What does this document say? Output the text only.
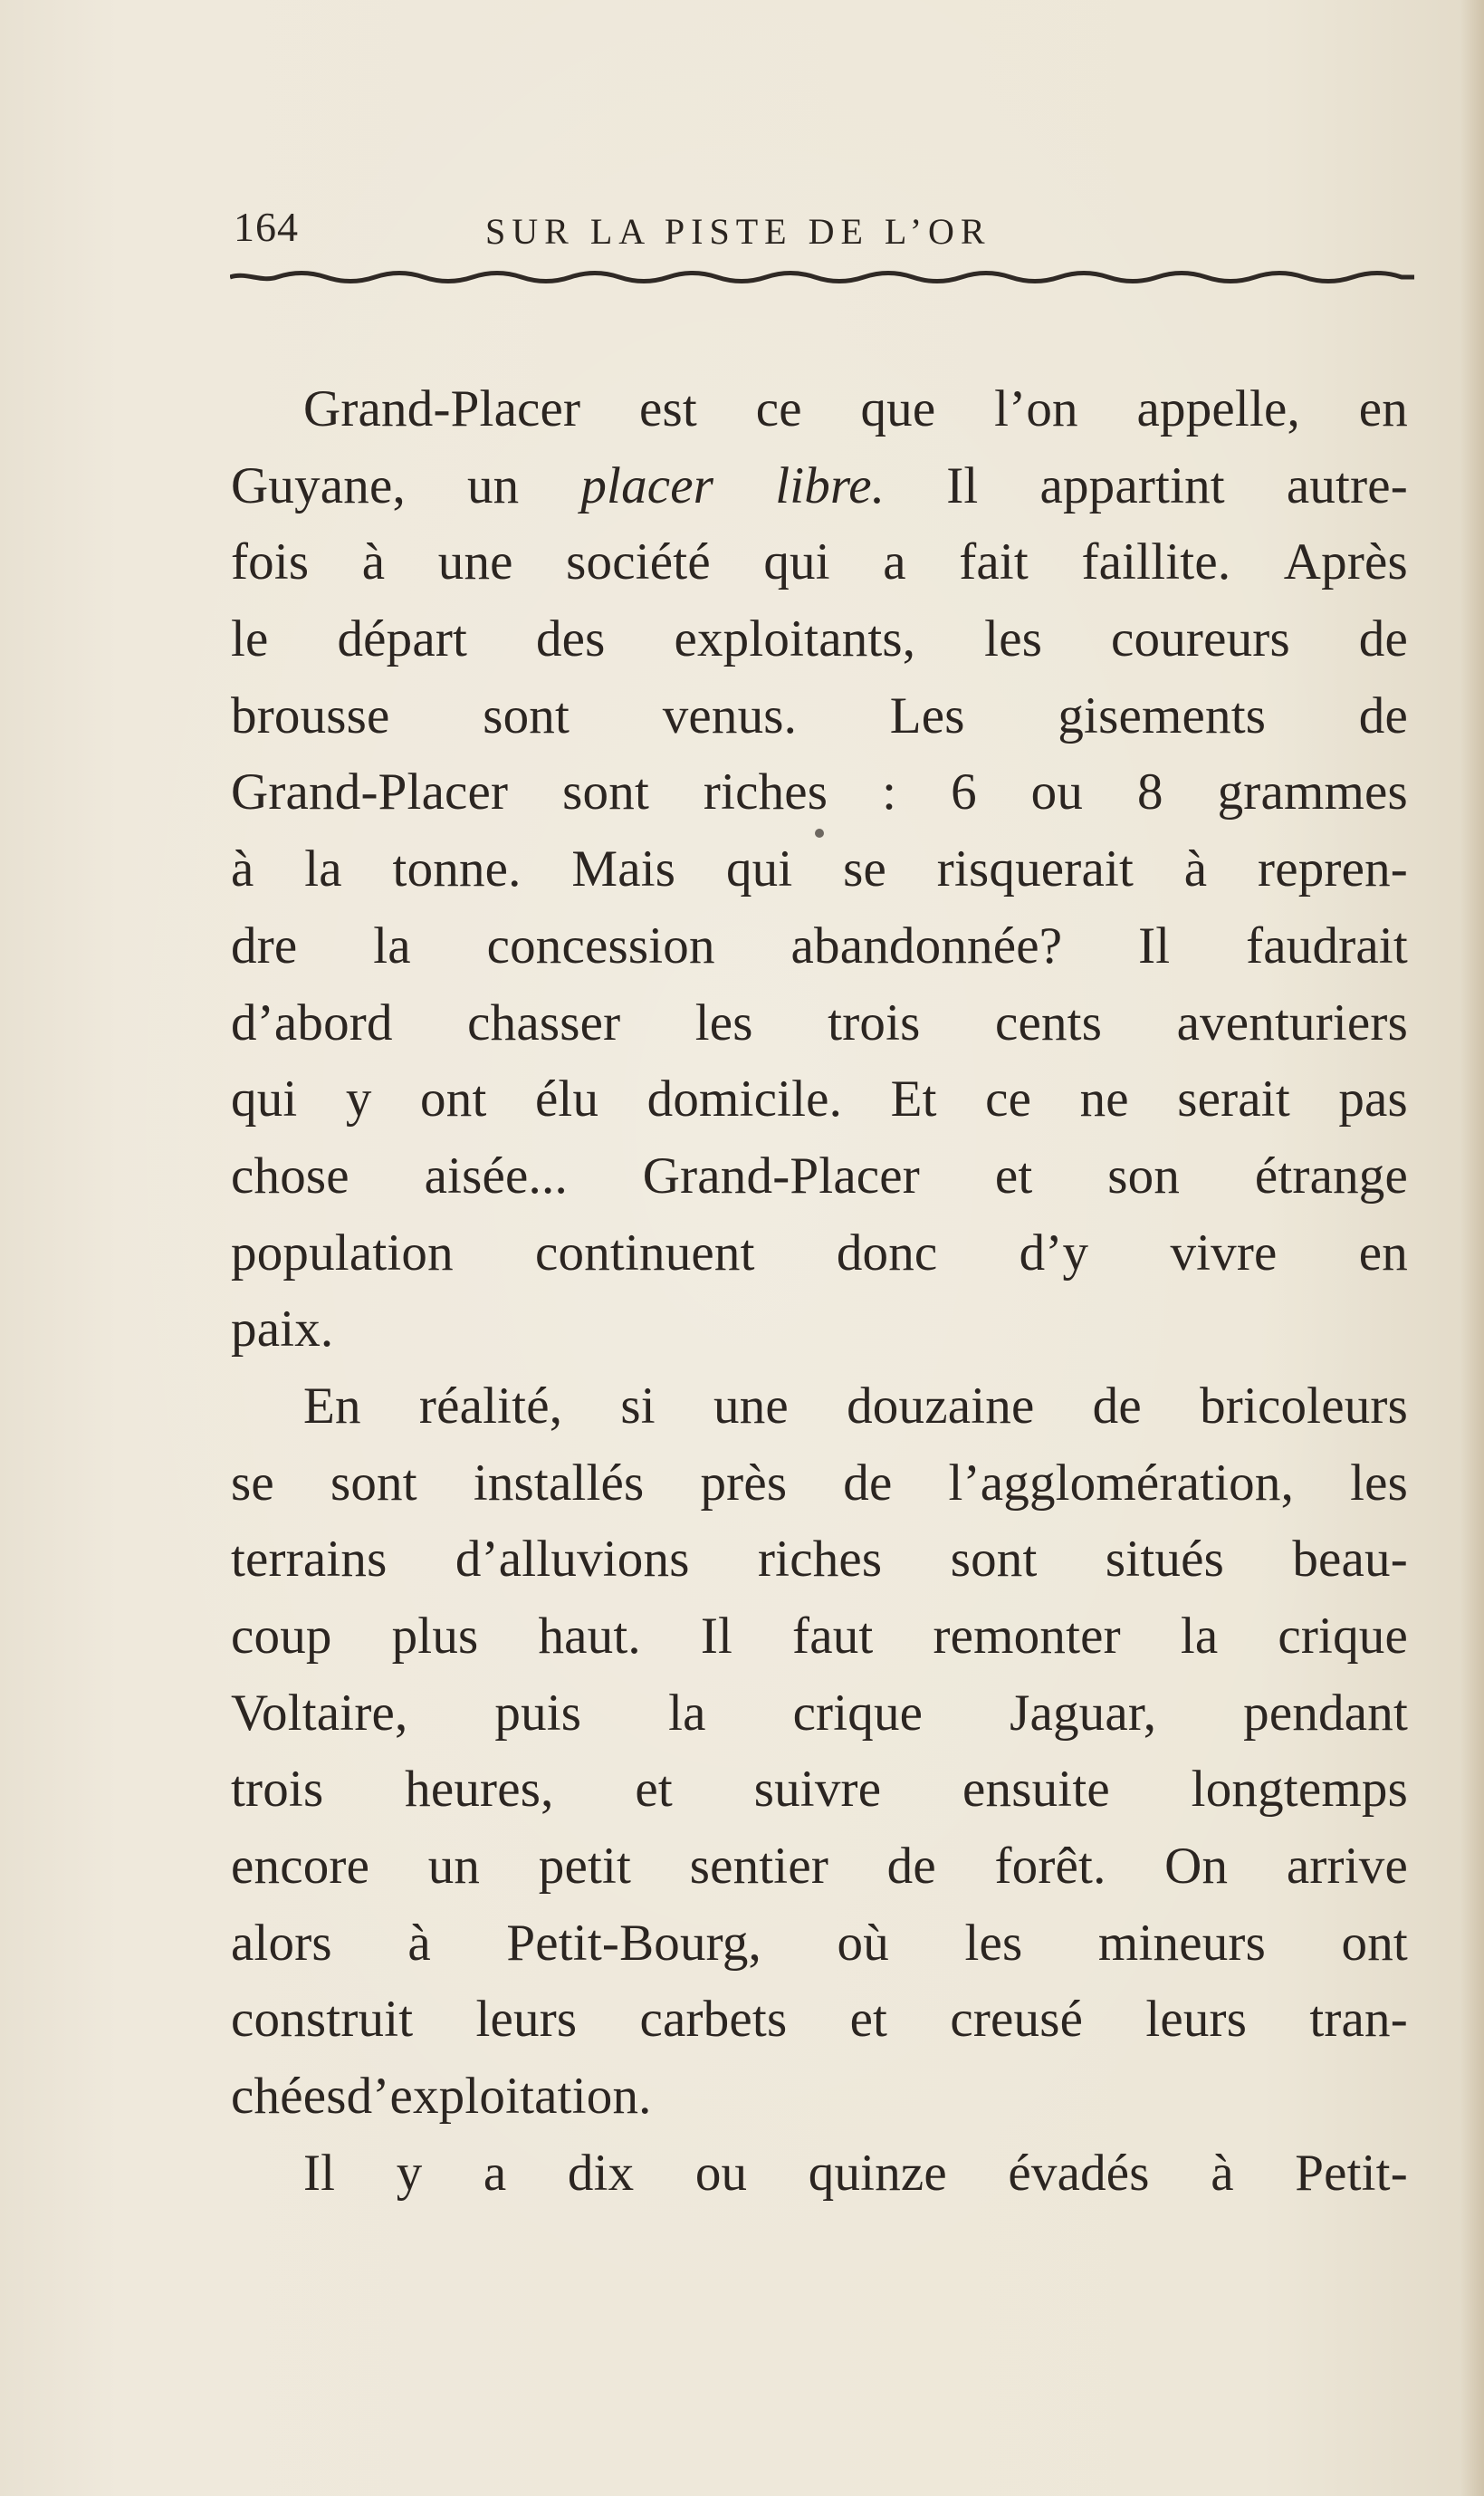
164	SUR LA PISTE DE L’OR
Grand-Placer est ce que l’on appelle, en
Guyane, un placer libre. Il appartint autre-
fois à une société qui a fait faillite. Après
le départ des exploitants, les coureurs de
brousse sont venus. Les gisements de
Grand-Placer sont riches : 6 ou 8 grammes
à la tonne. Mais qui se risquerait à repren-
dre la concession abandonnée? Il faudrait
d’abord chasser les trois cents aventuriers
qui y ont élu domicile. Et ce ne serait pas
chose aisée... Grand-Placer et son étrange
population continuent donc d’y vivre en
paix.
En réalité, si une douzaine de bricoleurs
se sont installés près de l’agglomération, les
terrains d’alluvions riches sont situés beau-
coup plus haut. Il faut remonter la crique
Voltaire, puis la crique Jaguar, pendant
trois heures, et suivre ensuite longtemps
encore un petit sentier de forêt. On arrive
alors à Petit-Bourg, où les mineurs ont
construit leurs carbets et creusé leurs tran-
chées d’exploitation.
Il y a dix ou quinze évadés à Petit-
